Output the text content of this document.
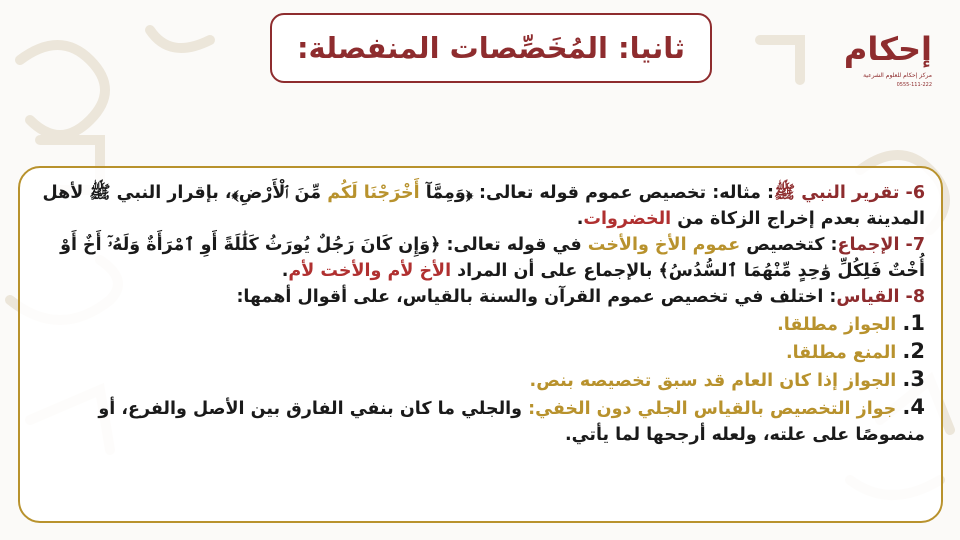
ثانيا: المُخَصِّصات المنفصلة:	إحكام
مركز إحكام للعلوم الشرعية
0555-111-222

6- تقرير النبي ﷺ: مثاله: تخصيص عموم قوله تعالى: ﴿وَمِمَّآ أَخْرَجْنَا لَكُم مِّنَ ٱلْأَرْضِ﴾، بإقرار النبي ﷺ لأهل المدينة بعدم إخراج الزكاة من الخضروات.

7- الإجماع: كتخصيص عموم الأخ والأخت في قوله تعالى: ﴿وَإِن كَانَ رَجُلٌ يُورَثُ كَلَٰلَةً أَوِ ٱمْرَأَةٌ وَلَهُۥٓ أَخٌ أَوْ أُخْتٌ فَلِكُلِّ وَٰحِدٍ مِّنْهُمَا ٱلسُّدُسُ﴾ بالإجماع على أن المراد الأخ لأم والأخت لأم.

8- القياس: اختلف في تخصيص عموم القرآن والسنة بالقياس، على أقوال أهمها:

1. الجواز مطلقا.

2. المنع مطلقا.

3. الجواز إذا كان العام قد سبق تخصيصه بنص.

4. جواز التخصيص بالقياس الجلي دون الخفي: والجلي ما كان بنفي الفارق بين الأصل والفرع، أو منصوصًا على علته، ولعله أرجحها لما يأتي.
